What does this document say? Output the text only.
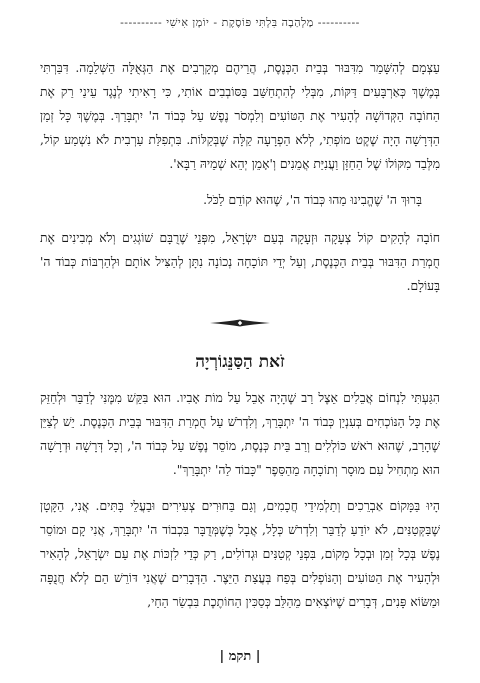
---------- מַלְהַבָה בִּלְתִּי פּוֹסֶקֶת - יוֹמָן אִישִׁי ----------

עַצְמָם לְהִשָּׁמֵר מִדִּבּוּר בְּבֵית הַכְּנֶסֶת, הֲרֵיהֶם מְקָרְבִים אֶת הַגְּאֻלָּה הַשְּׁלֵמָה. דִּבַּרְתִּי בְּמֶשֶׁךְ כְּאַרְבָּעִים דַּקּוֹת, מִבְּלִי לְהִתְחַשֵּׁב בַּסּוֹבְבִים אוֹתִי, כִּי רָאִיתִי לְנֶגֶד עֵינַי רַק אֶת הַחוֹבָה הַקְּדוֹשָׁה לְהָעִיר אֶת הַטּוֹעִים וְלִמְסֹר נֶפֶשׁ עַל כְּבוֹד ה' יִתְבָּרַךְ. בְּמֶשֶׁךְ כָּל זְמַן הַדְּרָשָׁה הָיָה שֶׁקֶט מוֹפְתִי, לְלֹא הַפְרָעָה קַלָּה שֶׁבְּקַלּוֹת. בִּתְפִלַּת עַרְבִית לֹא נִשְׁמַע קוֹל, מִלְּבַד מִקּוֹלוֹ שֶׁל הַחַזָּן וַעֲנִיַּת אֲמֵנִים וְ'אָמֵן יְהֵא שְׁמֵיהּ רַבָּא'.

בָּרוּךְ ה' שֶׁהֱבִינוּ מַהוּ כְּבוֹד ה', שֶׁהוּא קוֹדֵם לַכֹּל.

חוֹבָה לְהָקִים קוֹל צְעָקָה וּזְעָקָה בְּעַם יִשְׂרָאֵל, מִפְּנֵי שֶׁרֻבָּם שׁוֹגְגִים וְלֹא מְבִינִים אֶת חֻמְרַת הַדִּבּוּר בְּבֵית הַכְּנֶסֶת, וְעַל יְדֵי תּוֹכָחָה נְכוֹנָה נִתָּן לְהַצִּיל אוֹתָם וּלְהַרְבּוֹת כְּבוֹד ה' בָּעוֹלָם.

זֹאת הַסַּנֵּגוֹרְיָה

הִגַּעְתִּי לִנְחוֹם אֲבֵלִים אֵצֶל רַב שֶׁהָיָה אָבֵל עַל מוֹת אָבִיו. הוּא בִּקֵּשׁ מִמֶּנִּי לְדַבֵּר וּלְחַזֵּק אֶת כָּל הַנּוֹכְחִים בְּעִנְיַן כְּבוֹד ה' יִתְבָּרַךְ, וְלִדְרֹשׁ עַל חֻמְרַת הַדִּבּוּר בְּבֵית הַכְּנֶסֶת. יֵשׁ לְצַיֵּן שֶׁהָרַב, שֶׁהוּא רֹאשׁ כּוֹלְלִים וְרַב בֵּית כְּנֶסֶת, מוֹסֵר נֶפֶשׁ עַל כְּבוֹד ה', וְכָל דְּרָשָׁה וּדְרָשָׁה הוּא מַתְחִיל עִם מוּסָר וְתוֹכָחָה מֵהַסֵּפֶר "כָּבוֹד לַה' יִתְבָּרַךְ".

הָיוּ בַּמָּקוֹם אַבְרֵכִים וְתַלְמִידֵי חֲכָמִים, וְגַם בַּחוּרִים צְעִירִים וּבַעֲלֵי בָּתִּים. אֲנִי, הַקָּטָן שֶׁבַּקְּטַנִּים, לֹא יוֹדֵעַ לְדַבֵּר וְלִדְרֹשׁ כְּלָל, אֲבָל כְּשֶׁמְּדֻבָּר בִּכְבוֹד ה' יִתְבָּרַךְ, אֲנִי קָם וּמוֹסֵר נֶפֶשׁ בְּכָל זְמַן וּבְכָל מָקוֹם, בִּפְנֵי קְטַנִּים וּגְדוֹלִים, רַק כְּדֵי לִזְכּוֹת אֶת עַם יִשְׂרָאֵל, לְהָאִיר וּלְהָעִיר אֶת הַטּוֹעִים וְהַנּוֹפְלִים בְּפַח בְּעֲצַת הַיֵּצֶר. הַדְּבָרִים שֶׁאֲנִי דּוֹרֵשׁ הֵם לְלֹא חֲנֻפָּה וּמַשּׂוֹא פָּנִים, דְּבָרִים שֶׁיּוֹצְאִים מֵהַלֵּב כְּסַכִּין הַחוֹתֶכֶת בִּבְשַׂר הַחַי,

| תקמ |
